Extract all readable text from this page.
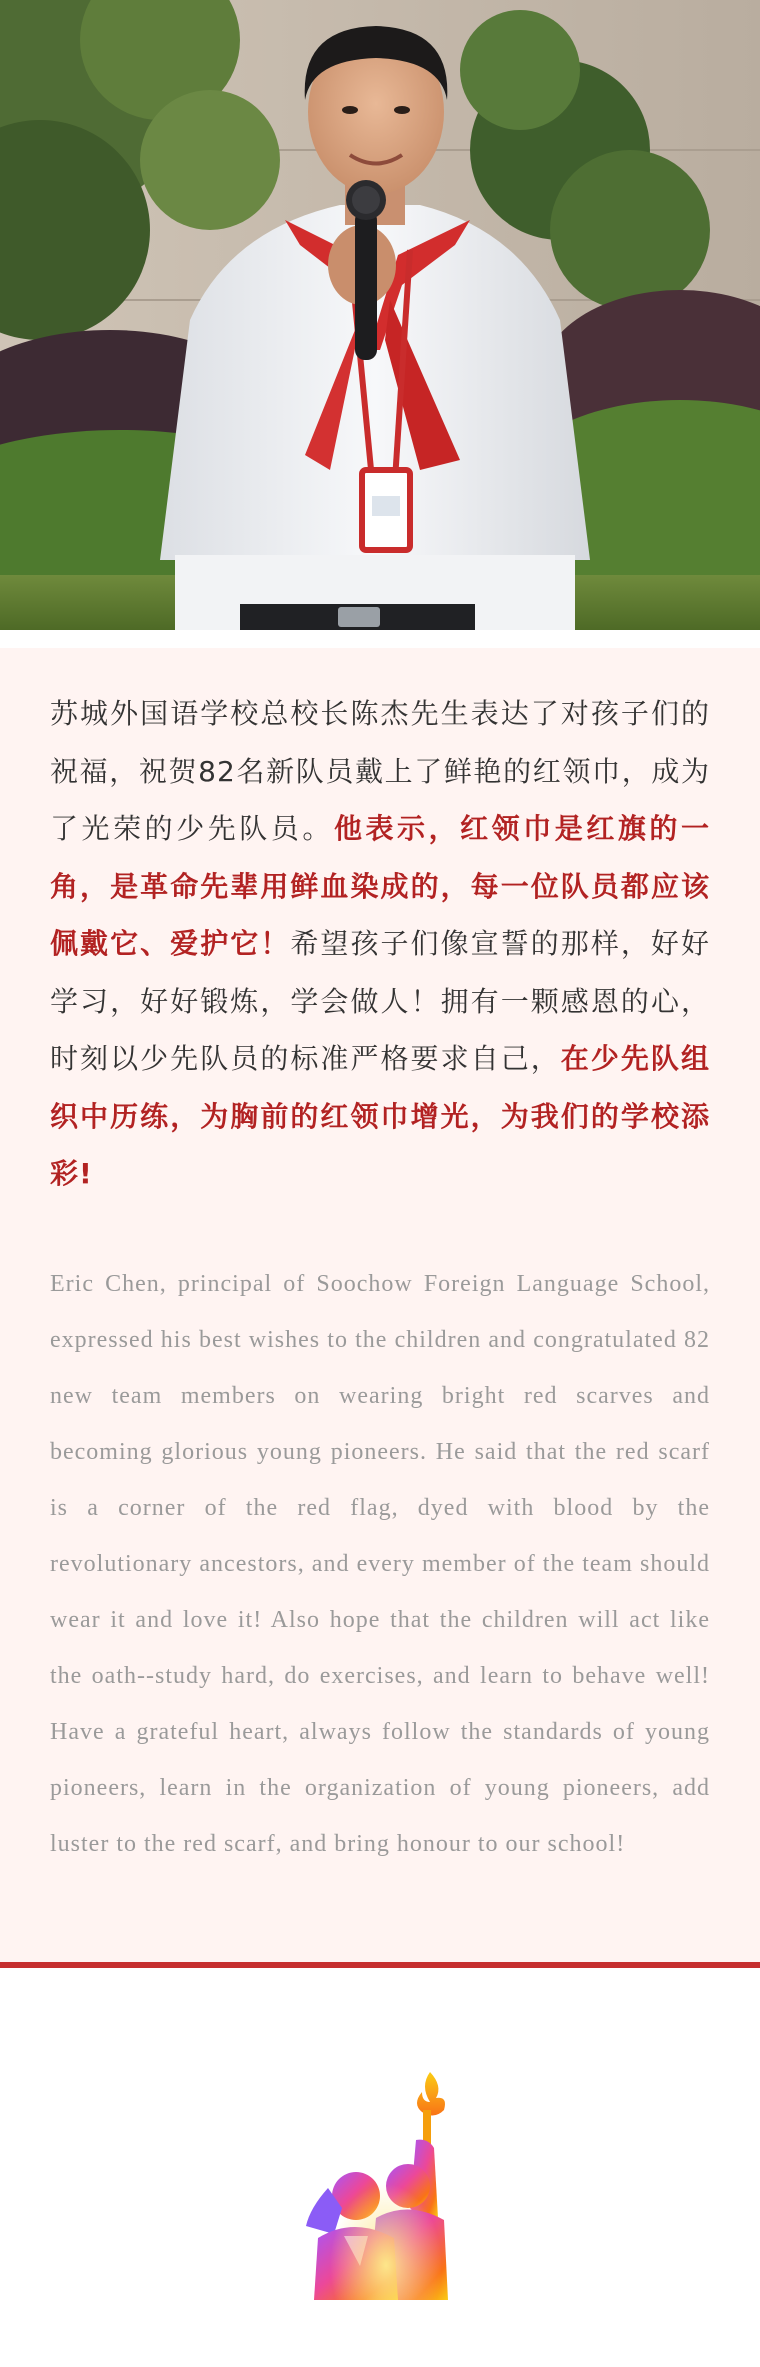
苏城外国语学校总校长陈杰先生表达了对孩子们的祝福，祝贺82名新队员戴上了鲜艳的红领巾，成为了光荣的少先队员。他表示，红领巾是红旗的一角，是革命先辈用鲜血染成的，每一位队员都应该佩戴它、爱护它！希望孩子们像宣誓的那样，好好学习，好好锻炼，学会做人！拥有一颗感恩的心，时刻以少先队员的标准严格要求自己，在少先队组织中历练，为胸前的红领巾增光，为我们的学校添彩!

Eric Chen, principal of Soochow Foreign Language School, expressed his best wishes to the children and congratulated 82 new team members on wearing bright red scarves and becoming glorious young pioneers. He said that the red scarf is a corner of the red flag, dyed with blood by the revolutionary ancestors, and every member of the team should wear it and love it! Also hope that the children will act like the oath--study hard, do exercises, and learn to behave well! Have a grateful heart, always follow the standards of young pioneers, learn in the organization of young pioneers, add luster to the red scarf, and bring honour to our school!
